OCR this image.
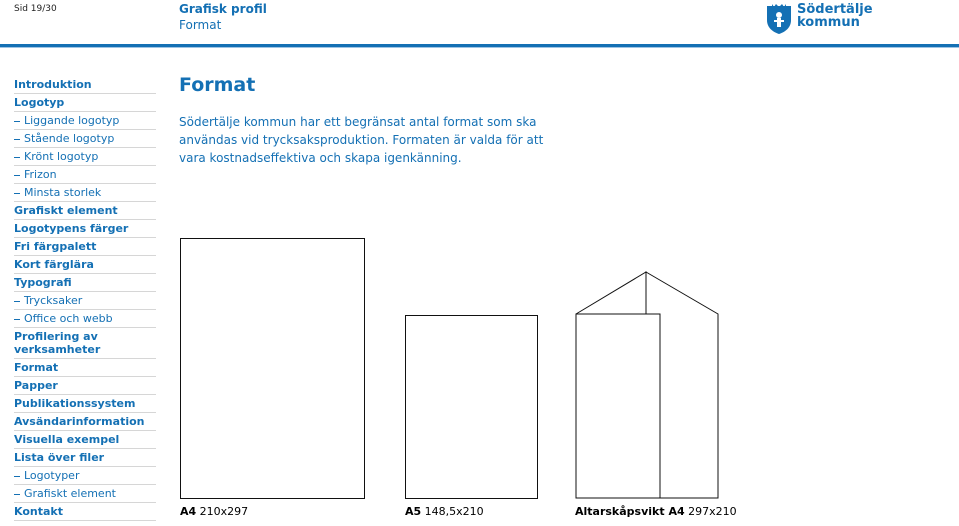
Sid 19/30	Grafisk profil
Format
Södertälje
kommun
Introduktion
Logotyp
Liggande logotyp
Stående logotyp
Krönt logotyp
Frizon
Minsta storlek
Grafiskt element
Logotypens färger
Fri färgpalett
Kort färglära
Typografi
Trycksaker
Office och webb
Profilering av verksamheter
Format
Papper
Publikationssystem
Avsändarinformation
Visuella exempel
Lista över filer
Logotyper
Grafiskt element
Kontakt
Format
Södertälje kommun har ett begränsat antal format som ska användas vid trycksaksproduktion. Formaten är valda för att vara kostnadseffektiva och skapa igenkänning.
A4 210x297	A5 148,5x210	Altarskåpsvikt A4 297x210
